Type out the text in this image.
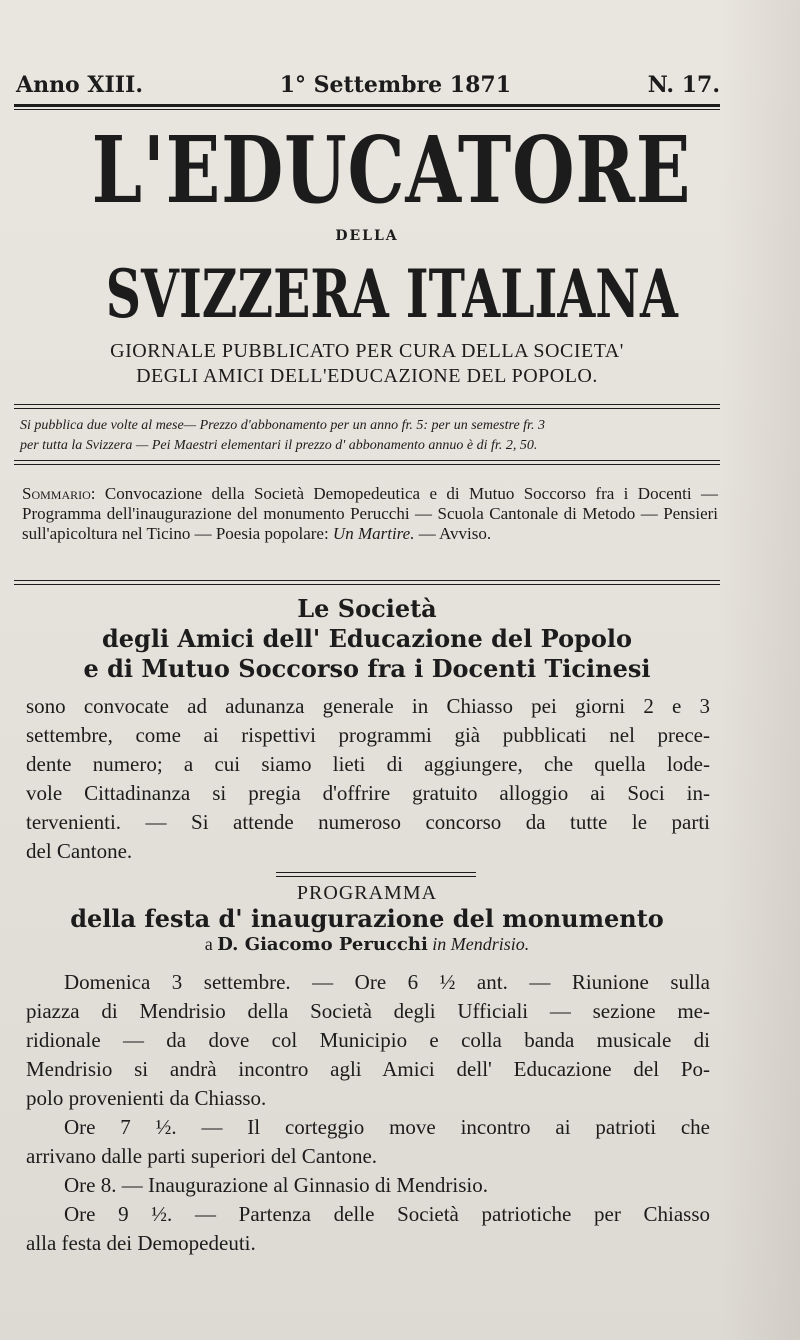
Anno XIII.	1° Settembre 1871	N. 17.
L'EDUCATORE
DELLA
SVIZZERA ITALIANA
GIORNALE PUBBLICATO PER CURA DELLA SOCIETA'
DEGLI AMICI DELL'EDUCAZIONE DEL POPOLO.
Si pubblica due volte al mese— Prezzo d'abbonamento per un anno fr. 5: per un semestre fr. 3
per tutta la Svizzera — Pei Maestri elementari il prezzo d' abbonamento annuo è di fr. 2, 50.
Sommario: Convocazione della Società Demopedeutica e di Mutuo Soccorso fra i Docenti — Programma dell'inaugurazione del monumento Perucchi — Scuola Cantonale di Metodo — Pensieri sull'apicoltura nel Ticino — Poesia popolare: Un Martire. — Avviso.
Le Società
degli Amici dell' Educazione del Popolo
e di Mutuo Soccorso fra i Docenti Ticinesi
sono convocate ad adunanza generale in Chiasso pei giorni 2 e 3
settembre, come ai rispettivi programmi già pubblicati nel prece-
dente numero; a cui siamo lieti di aggiungere, che quella lode-
vole Cittadinanza si pregia d'offrire gratuito alloggio ai Soci in-
tervenienti. — Si attende numeroso concorso da tutte le parti
del Cantone.
PROGRAMMA
della festa d' inaugurazione del monumento
a D. Giacomo Perucchi in Mendrisio.
Domenica 3 settembre. — Ore 6 ½ ant. — Riunione sulla
piazza di Mendrisio della Società degli Ufficiali — sezione me-
ridionale — da dove col Municipio e colla banda musicale di
Mendrisio si andrà incontro agli Amici dell' Educazione del Po-
polo provenienti da Chiasso.
Ore 7 ½. — Il corteggio move incontro ai patrioti che
arrivano dalle parti superiori del Cantone.
Ore 8. — Inaugurazione al Ginnasio di Mendrisio.
Ore 9 ½. — Partenza delle Società patriotiche per Chiasso
alla festa dei Demopedeuti.
